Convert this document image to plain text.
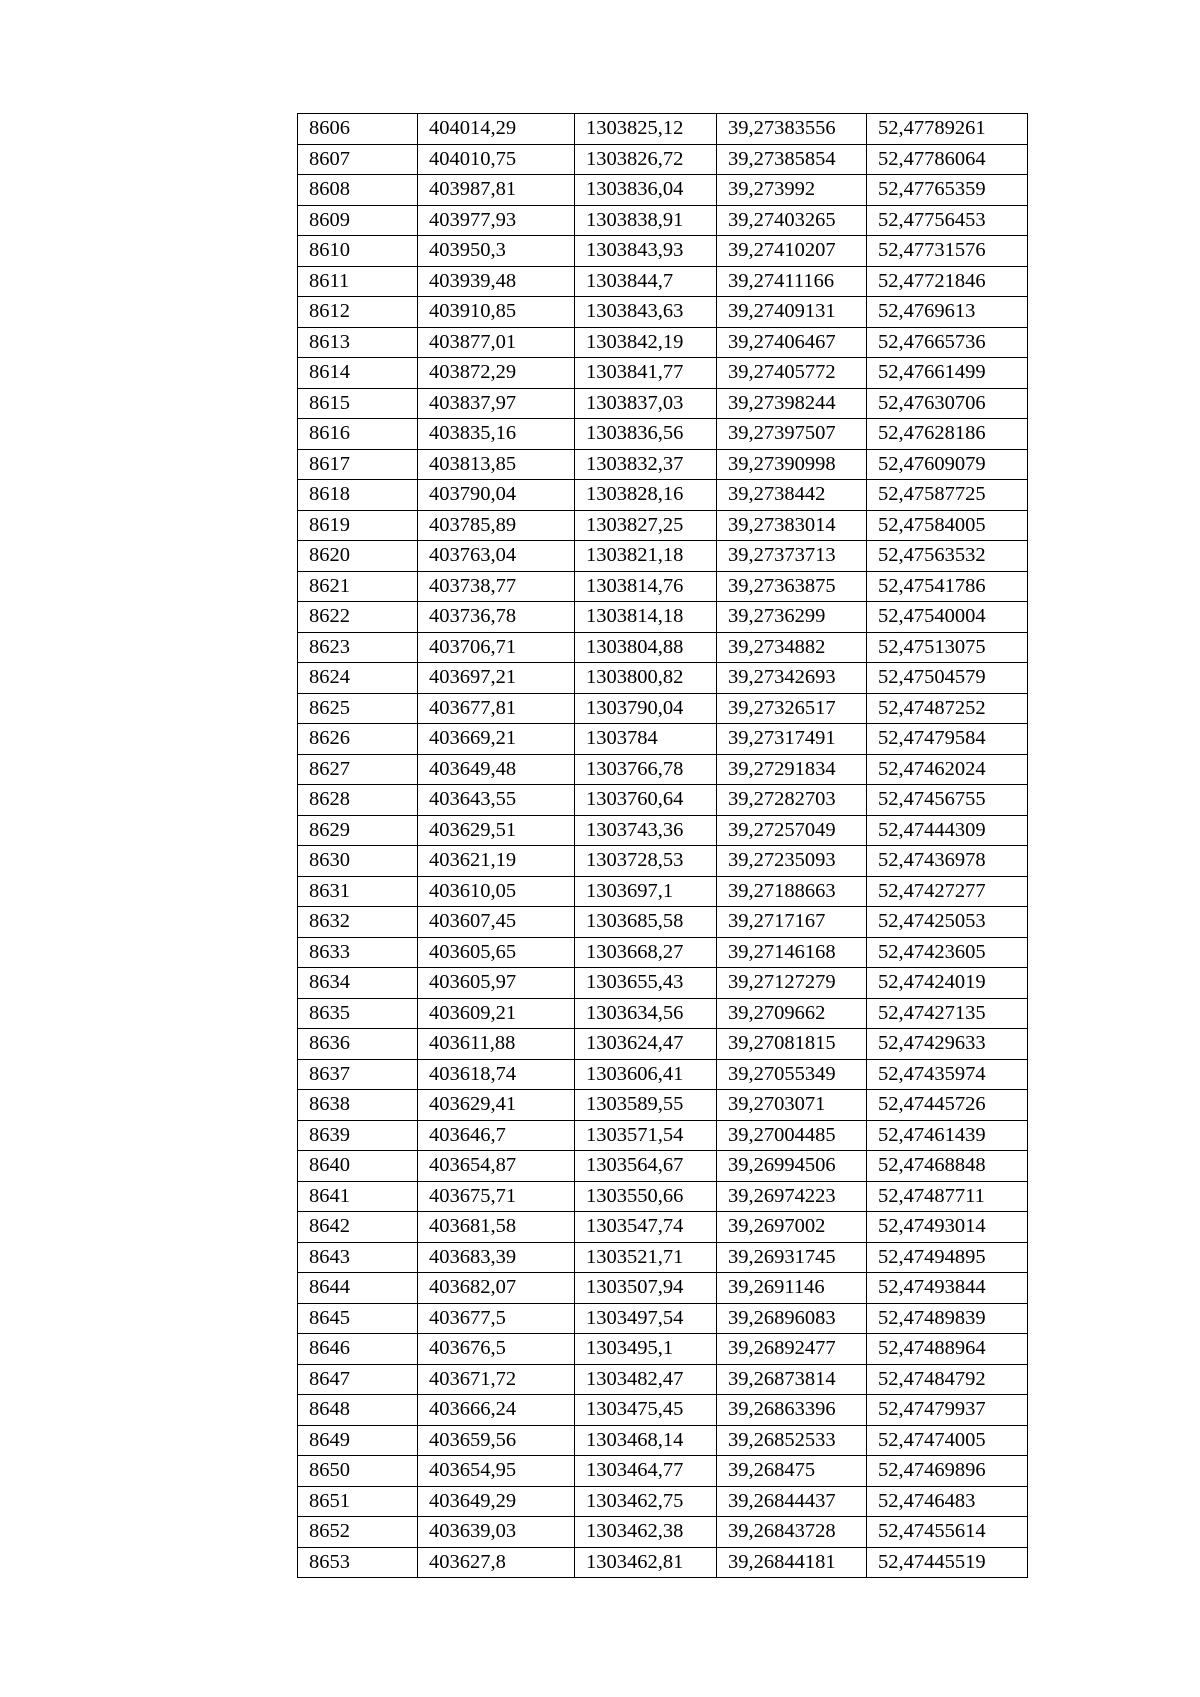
8606	404014,29	1303825,12	39,27383556	52,47789261
8607	404010,75	1303826,72	39,27385854	52,47786064
8608	403987,81	1303836,04	39,273992	52,47765359
8609	403977,93	1303838,91	39,27403265	52,47756453
8610	403950,3	1303843,93	39,27410207	52,47731576
8611	403939,48	1303844,7	39,27411166	52,47721846
8612	403910,85	1303843,63	39,27409131	52,4769613
8613	403877,01	1303842,19	39,27406467	52,47665736
8614	403872,29	1303841,77	39,27405772	52,47661499
8615	403837,97	1303837,03	39,27398244	52,47630706
8616	403835,16	1303836,56	39,27397507	52,47628186
8617	403813,85	1303832,37	39,27390998	52,47609079
8618	403790,04	1303828,16	39,2738442	52,47587725
8619	403785,89	1303827,25	39,27383014	52,47584005
8620	403763,04	1303821,18	39,27373713	52,47563532
8621	403738,77	1303814,76	39,27363875	52,47541786
8622	403736,78	1303814,18	39,2736299	52,47540004
8623	403706,71	1303804,88	39,2734882	52,47513075
8624	403697,21	1303800,82	39,27342693	52,47504579
8625	403677,81	1303790,04	39,27326517	52,47487252
8626	403669,21	1303784	39,27317491	52,47479584
8627	403649,48	1303766,78	39,27291834	52,47462024
8628	403643,55	1303760,64	39,27282703	52,47456755
8629	403629,51	1303743,36	39,27257049	52,47444309
8630	403621,19	1303728,53	39,27235093	52,47436978
8631	403610,05	1303697,1	39,27188663	52,47427277
8632	403607,45	1303685,58	39,2717167	52,47425053
8633	403605,65	1303668,27	39,27146168	52,47423605
8634	403605,97	1303655,43	39,27127279	52,47424019
8635	403609,21	1303634,56	39,2709662	52,47427135
8636	403611,88	1303624,47	39,27081815	52,47429633
8637	403618,74	1303606,41	39,27055349	52,47435974
8638	403629,41	1303589,55	39,2703071	52,47445726
8639	403646,7	1303571,54	39,27004485	52,47461439
8640	403654,87	1303564,67	39,26994506	52,47468848
8641	403675,71	1303550,66	39,26974223	52,47487711
8642	403681,58	1303547,74	39,2697002	52,47493014
8643	403683,39	1303521,71	39,26931745	52,47494895
8644	403682,07	1303507,94	39,2691146	52,47493844
8645	403677,5	1303497,54	39,26896083	52,47489839
8646	403676,5	1303495,1	39,26892477	52,47488964
8647	403671,72	1303482,47	39,26873814	52,47484792
8648	403666,24	1303475,45	39,26863396	52,47479937
8649	403659,56	1303468,14	39,26852533	52,47474005
8650	403654,95	1303464,77	39,268475	52,47469896
8651	403649,29	1303462,75	39,26844437	52,4746483
8652	403639,03	1303462,38	39,26843728	52,47455614
8653	403627,8	1303462,81	39,26844181	52,47445519
